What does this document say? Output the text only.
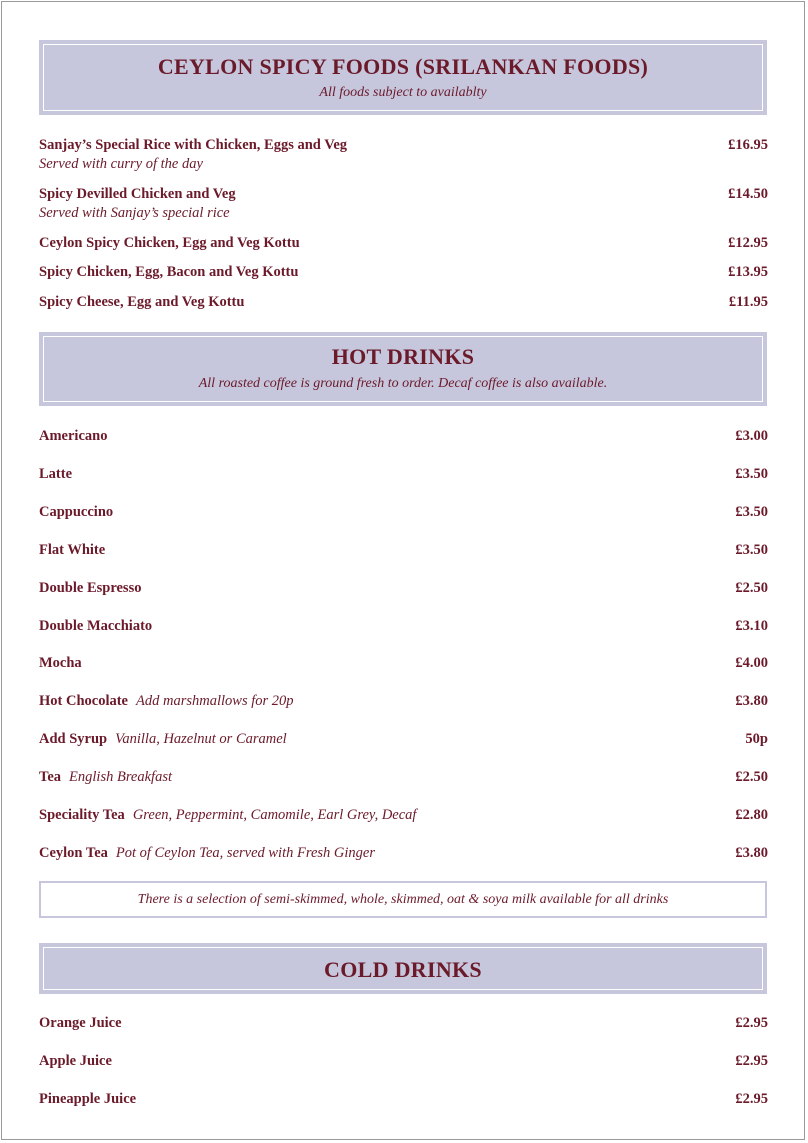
CEYLON SPICY FOODS (SRILANKAN FOODS)
All foods subject to availablty
Sanjay’s Special Rice with Chicken, Eggs and Veg
Served with curry of the day
£16.95
Spicy Devilled Chicken and Veg
Served with Sanjay’s special rice
£14.50
Ceylon Spicy Chicken, Egg and Veg Kottu	£12.95
Spicy Chicken, Egg, Bacon and Veg Kottu	£13.95
Spicy Cheese, Egg and Veg Kottu	£11.95
HOT DRINKS
All roasted coffee is ground fresh to order. Decaf coffee is also available.
Americano	£3.00
Latte	£3.50
Cappuccino	£3.50
Flat White	£3.50
Double Espresso	£2.50
Double Macchiato	£3.10
Mocha	£4.00
Hot Chocolate Add marshmallows for 20p	£3.80
Add Syrup Vanilla, Hazelnut or Caramel	50p
Tea English Breakfast	£2.50
Speciality Tea Green, Peppermint, Camomile, Earl Grey, Decaf	£2.80
Ceylon Tea Pot of Ceylon Tea, served with Fresh Ginger	£3.80
There is a selection of semi-skimmed, whole, skimmed, oat & soya milk available for all drinks
COLD DRINKS
Orange Juice	£2.95
Apple Juice	£2.95
Pineapple Juice	£2.95
